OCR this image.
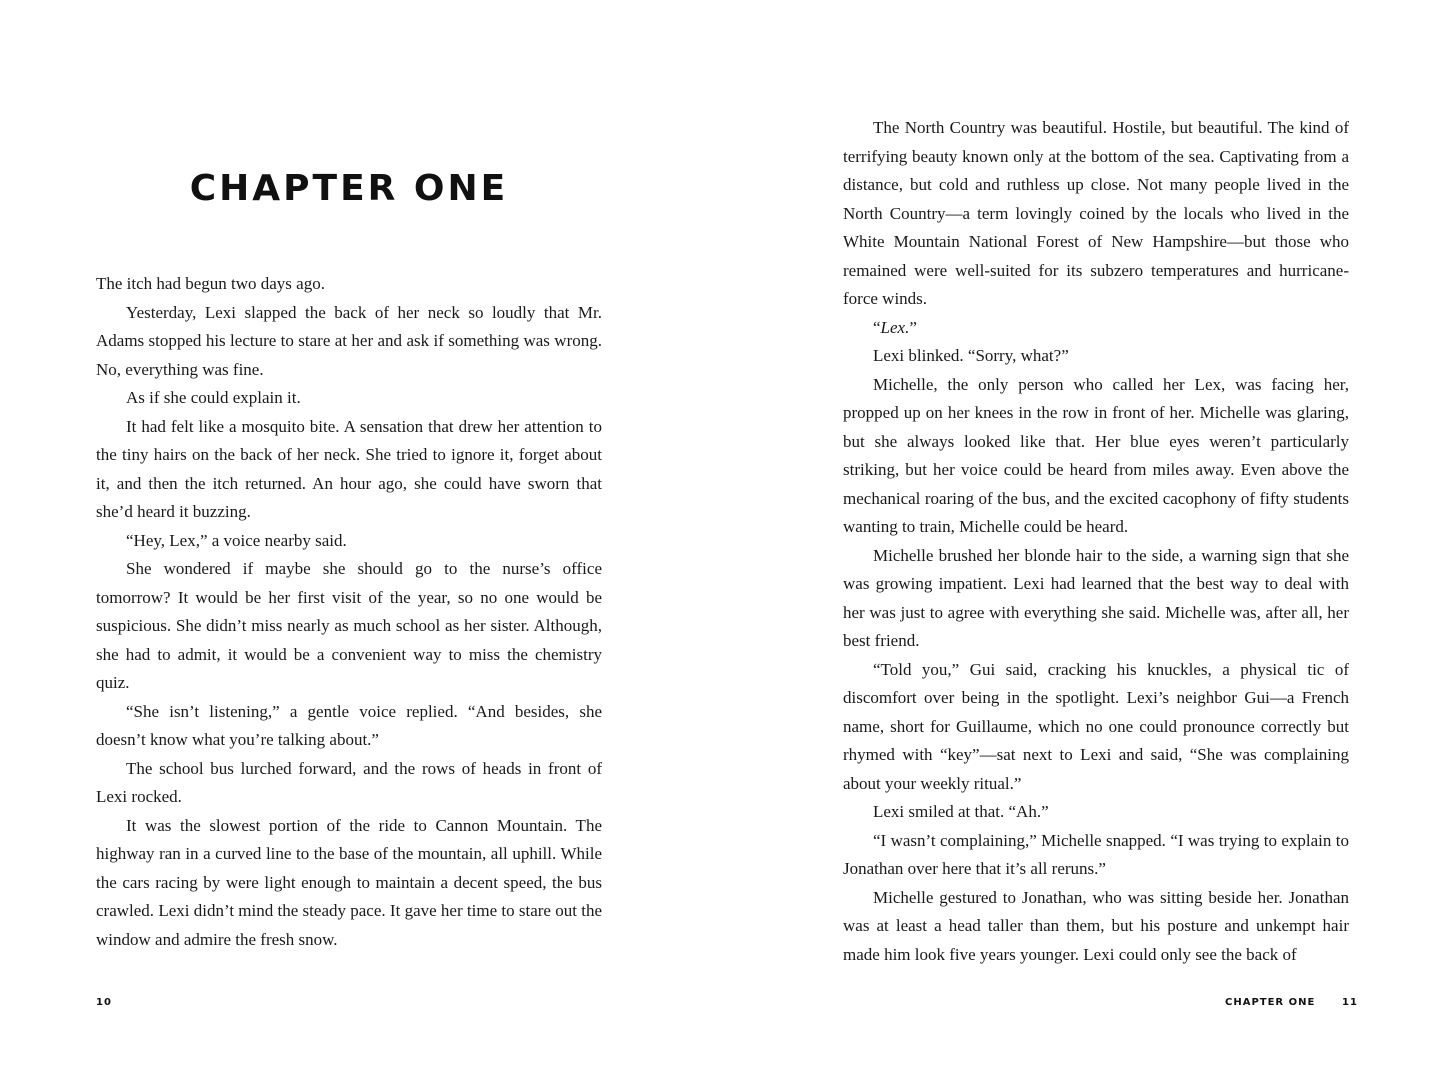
CHAPTER ONE

The itch had begun two days ago.

Yesterday, Lexi slapped the back of her neck so loudly that Mr. Adams stopped his lecture to stare at her and ask if something was wrong. No, everything was fine.

As if she could explain it.

It had felt like a mosquito bite. A sensation that drew her attention to the tiny hairs on the back of her neck. She tried to ignore it, forget about it, and then the itch returned. An hour ago, she could have sworn that she’d heard it buzzing.

“Hey, Lex,” a voice nearby said.

She wondered if maybe she should go to the nurse’s office tomorrow? It would be her first visit of the year, so no one would be suspicious. She didn’t miss nearly as much school as her sister. Although, she had to admit, it would be a convenient way to miss the chemistry quiz.

“She isn’t listening,” a gentle voice replied. “And besides, she doesn’t know what you’re talking about.”

The school bus lurched forward, and the rows of heads in front of Lexi rocked.

It was the slowest portion of the ride to Cannon Mountain. The highway ran in a curved line to the base of the mountain, all uphill. While the cars racing by were light enough to maintain a decent speed, the bus crawled. Lexi didn’t mind the steady pace. It gave her time to stare out the window and admire the fresh snow.

10

The North Country was beautiful. Hostile, but beautiful. The kind of terrifying beauty known only at the bottom of the sea. Captivating from a distance, but cold and ruthless up close. Not many people lived in the North Country—a term lovingly coined by the locals who lived in the White Mountain National Forest of New Hampshire—but those who remained were well-suited for its subzero temperatures and hurricane-force winds.

“Lex.”

Lexi blinked. “Sorry, what?”

Michelle, the only person who called her Lex, was facing her, propped up on her knees in the row in front of her. Michelle was glaring, but she always looked like that. Her blue eyes weren’t particularly striking, but her voice could be heard from miles away. Even above the mechanical roaring of the bus, and the excited cacophony of fifty students wanting to train, Michelle could be heard.

Michelle brushed her blonde hair to the side, a warning sign that she was growing impatient. Lexi had learned that the best way to deal with her was just to agree with everything she said. Michelle was, after all, her best friend.

“Told you,” Gui said, cracking his knuckles, a physical tic of discomfort over being in the spotlight. Lexi’s neighbor Gui—a French name, short for Guillaume, which no one could pronounce correctly but rhymed with “key”—sat next to Lexi and said, “She was complaining about your weekly ritual.”

Lexi smiled at that. “Ah.”

“I wasn’t complaining,” Michelle snapped. “I was trying to explain to Jonathan over here that it’s all reruns.”

Michelle gestured to Jonathan, who was sitting beside her. Jonathan was at least a head taller than them, but his posture and unkempt hair made him look five years younger. Lexi could only see the back of

CHAPTER ONE	11
